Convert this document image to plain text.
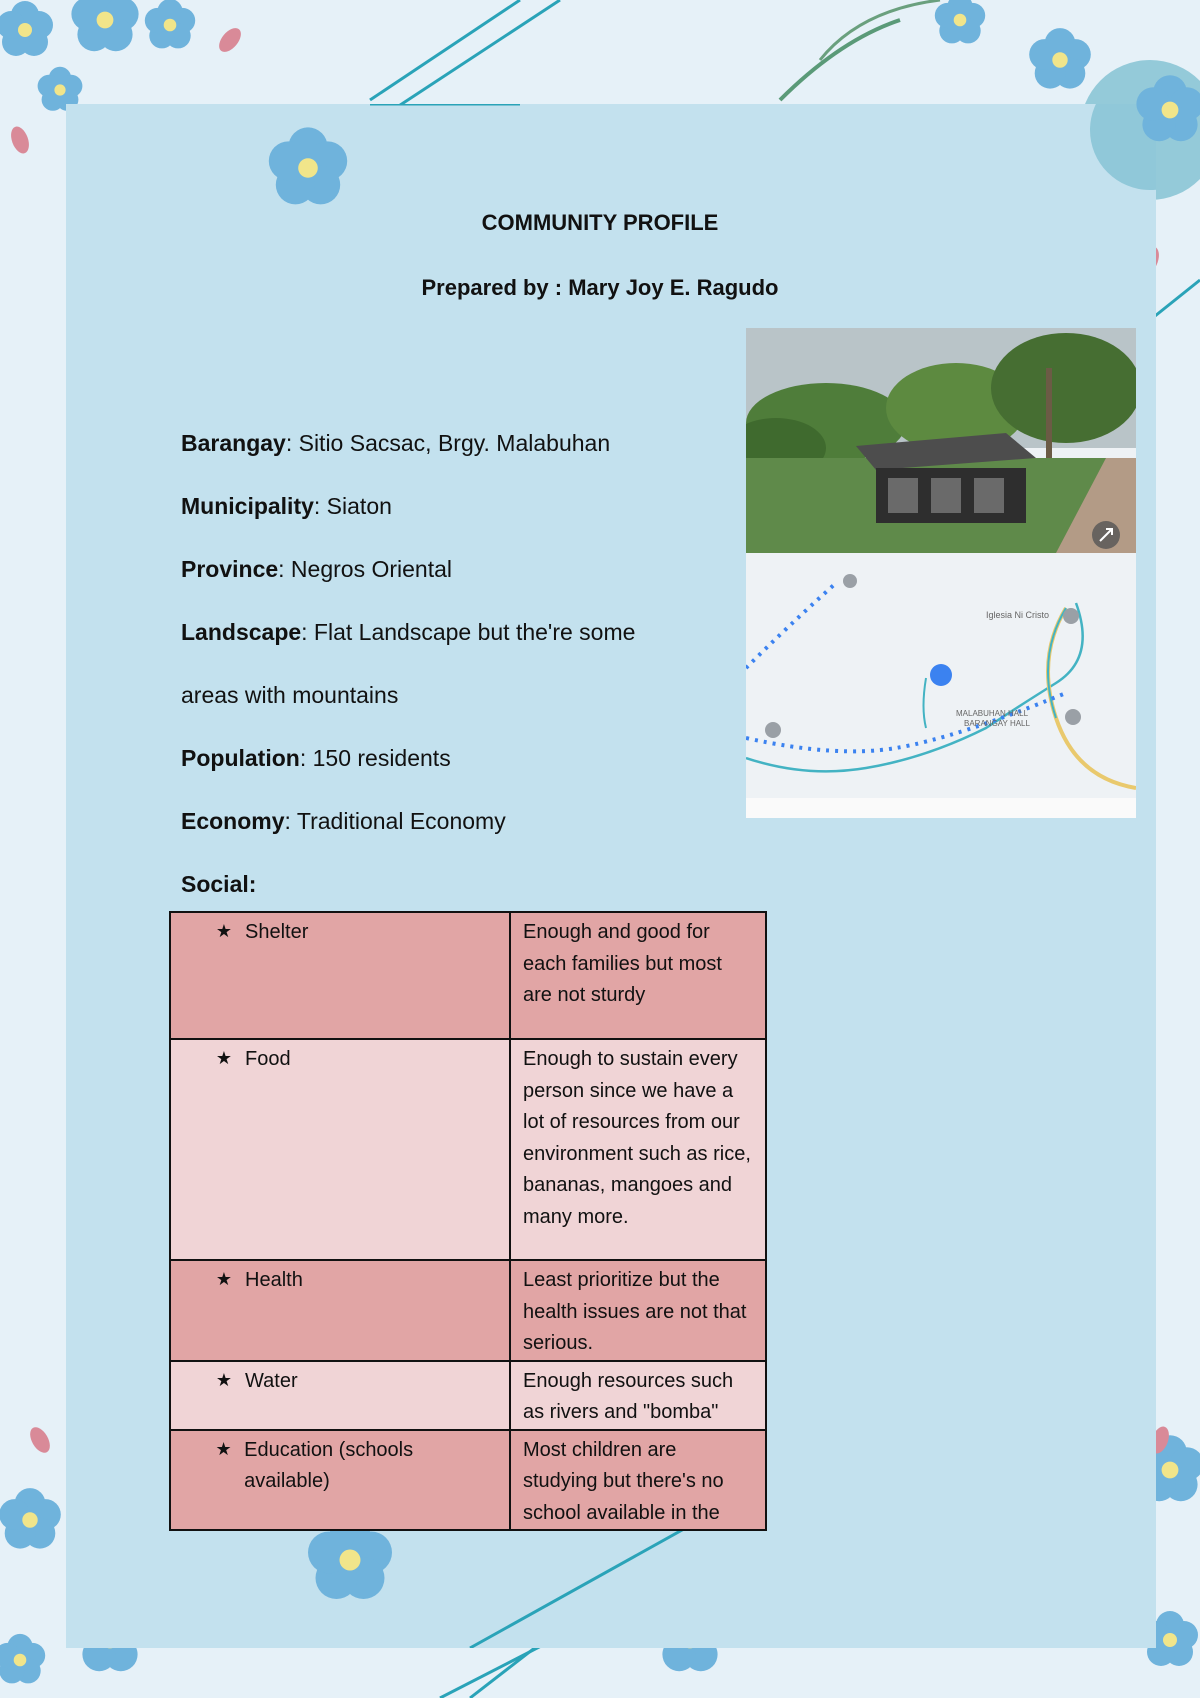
COMMUNITY PROFILE
Prepared by : Mary Joy E. Ragudo
Barangay: Sitio Sacsac, Brgy. Malabuhan
Municipality: Siaton
Province: Negros Oriental
Landscape: Flat Landscape but the're some
areas with mountains
Population: 150 residents
Economy: Traditional Economy
Social:
Iglesia Ni Cristo
MALABUHAN HALL
BARANGAY HALL
★ Shelter	Enough and good for each families but most are not sturdy

★ Food	Enough to sustain every person since we have a lot of resources from our environment such as rice, bananas, mangoes and many more.

★ Health	Least prioritize but the health issues are not that serious.

★ Water	Enough resources such as rivers and "bomba"

★ Education (schools available)	Most children are studying but there's no school available in the
